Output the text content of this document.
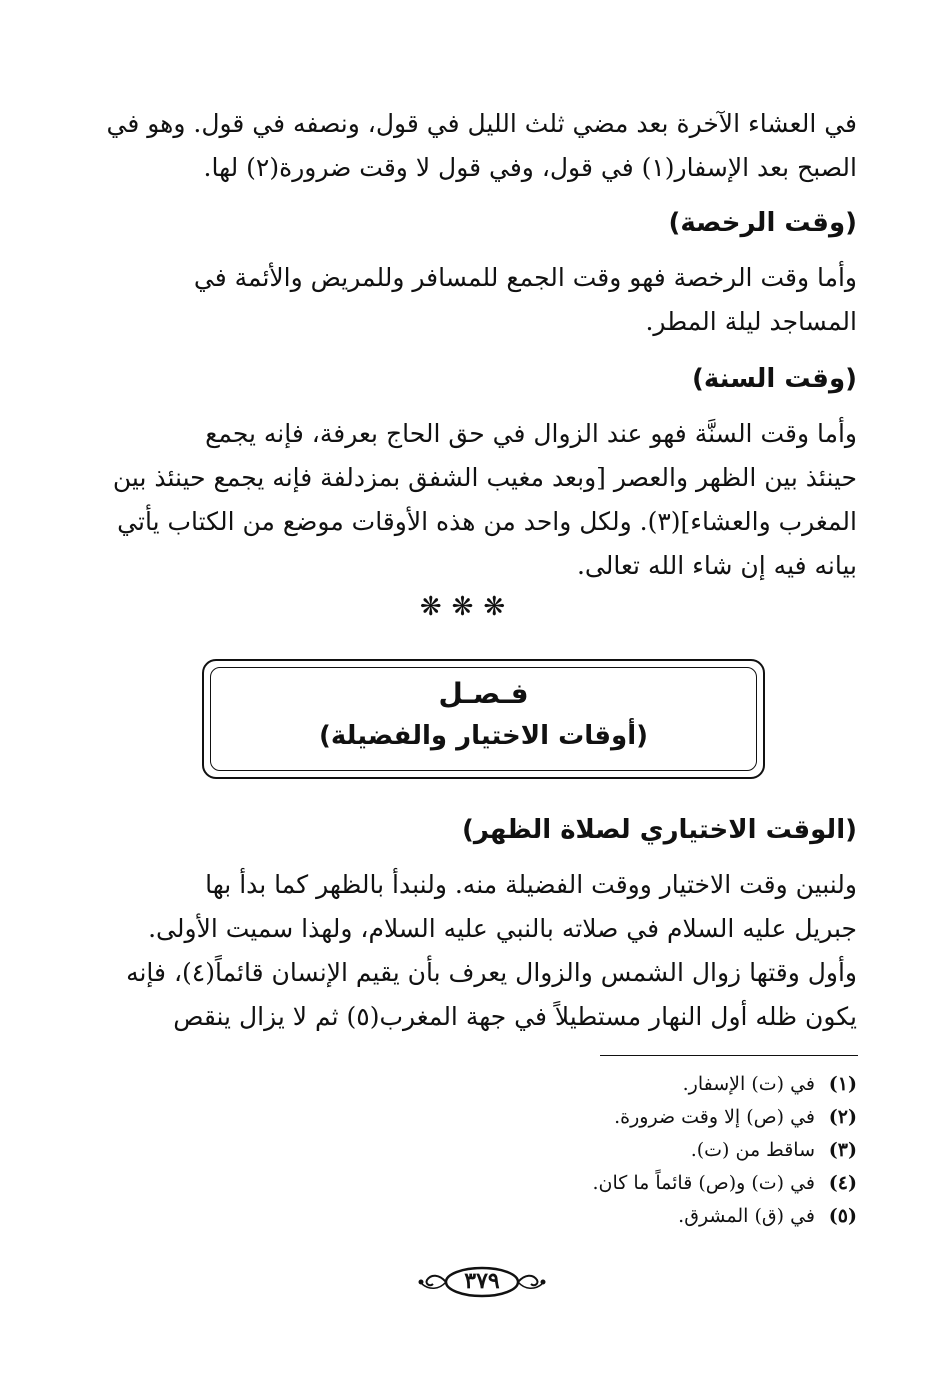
في العشاء الآخرة بعد مضي ثلث الليل في قول، ونصفه في قول. وهو في
الصبح بعد الإسفار(١) في قول، وفي قول لا وقت ضرورة(٢) لها.

(وقت الرخصة)

وأما وقت الرخصة فهو وقت الجمع للمسافر وللمريض والأئمة في
المساجد ليلة المطر.

(وقت السنة)

وأما وقت السنَّة فهو عند الزوال في حق الحاج بعرفة، فإنه يجمع
حينئذ بين الظهر والعصر [وبعد مغيب الشفق بمزدلفة فإنه يجمع حينئذ بين
المغرب والعشاء](٣). ولكل واحد من هذه الأوقات موضع من الكتاب يأتي
بيانه فيه إن شاء الله تعالى.

❋❋❋
فـصـل
(أوقات الاختيار والفضيلة)
(الوقت الاختياري لصلاة الظهر)

ولنبين وقت الاختيار ووقت الفضيلة منه. ولنبدأ بالظهر كما بدأ بها
جبريل عليه السلام في صلاته بالنبي عليه السلام، ولهذا سميت الأولى.
وأول وقتها زوال الشمس والزوال يعرف بأن يقيم الإنسان قائماً(٤)، فإنه
يكون ظله أول النهار مستطيلاً في جهة المغرب(٥) ثم لا يزال ينقص

(١)في (ت) الإسفار.
(٢)في (ص) إلا وقت ضرورة.
(٣)ساقط من (ت).
(٤)في (ت) و(ص) قائماً ما كان.
(٥)في (ق) المشرق.
٣٧٩
